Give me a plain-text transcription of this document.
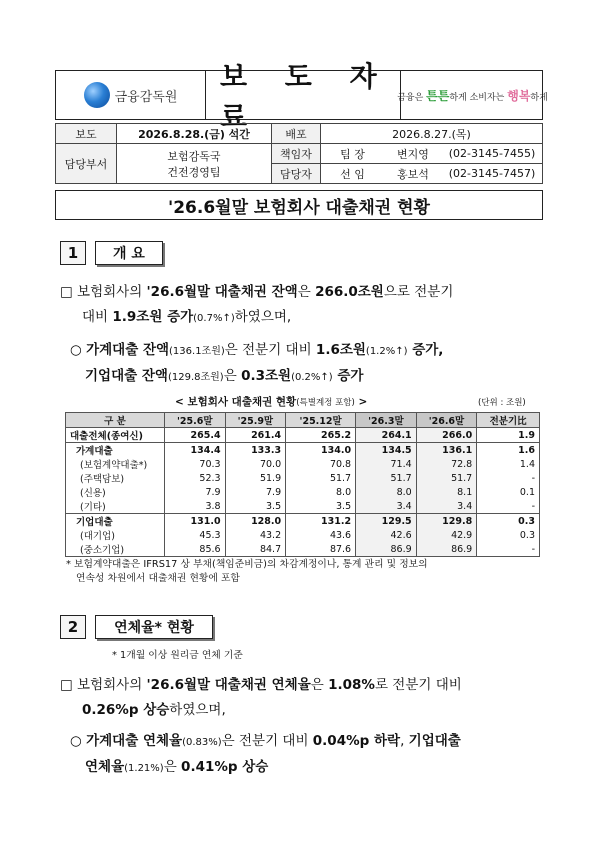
금융감독원
보 도 자 료
금융은 튼튼하게 소비자는 행복하게
보도	2026.8.28.(금) 석간	배포	2026.8.27.(목)		
담당부서	보험감독국
건전경영팀	책임자	팀 장	변지영	(02-3145-7455)
		담당자	선 임	홍보석	(02-3145-7457)
'26.6월말 보험회사 대출채권 현황
1	개 요
□ 보험회사의 '26.6월말 대출채권 잔액은 266.0조원으로 전분기
대비 1.9조원 증가(0.7%↑)하였으며,
○ 가계대출 잔액(136.1조원)은 전분기 대비 1.6조원(1.2%↑) 증가,
기업대출 잔액(129.8조원)은 0.3조원(0.2%↑) 증가
< 보험회사 대출채권 현황(특별계정 포함) >	(단위 : 조원)
구 분	'25.6말	'25.9말	'25.12말	'26.3말	'26.6말	전분기比
대출전체(종여신)	265.4	261.4	265.2	264.1	266.0	1.9
가계대출	134.4	133.3	134.0	134.5	136.1	1.6
(보험계약대출*)	70.3	70.0	70.8	71.4	72.8	1.4
(주택담보)	52.3	51.9	51.7	51.7	51.7	-
(신용)	7.9	7.9	8.0	8.0	8.1	0.1
(기타)	3.8	3.5	3.5	3.4	3.4	-
기업대출	131.0	128.0	131.2	129.5	129.8	0.3
(대기업)	45.3	43.2	43.6	42.6	42.9	0.3
(중소기업)	85.6	84.7	87.6	86.9	86.9	-
* 보험계약대출은 IFRS17 상 부채(책임준비금)의 차감계정이나, 통계 관리 및 정보의
연속성 차원에서 대출채권 현황에 포함
2	연체율* 현황
* 1개월 이상 원리금 연체 기준
□ 보험회사의 '26.6월말 대출채권 연체율은 1.08%로 전분기 대비
0.26%p 상승하였으며,
○ 가계대출 연체율(0.83%)은 전분기 대비 0.04%p 하락, 기업대출
연체율(1.21%)은 0.41%p 상승
